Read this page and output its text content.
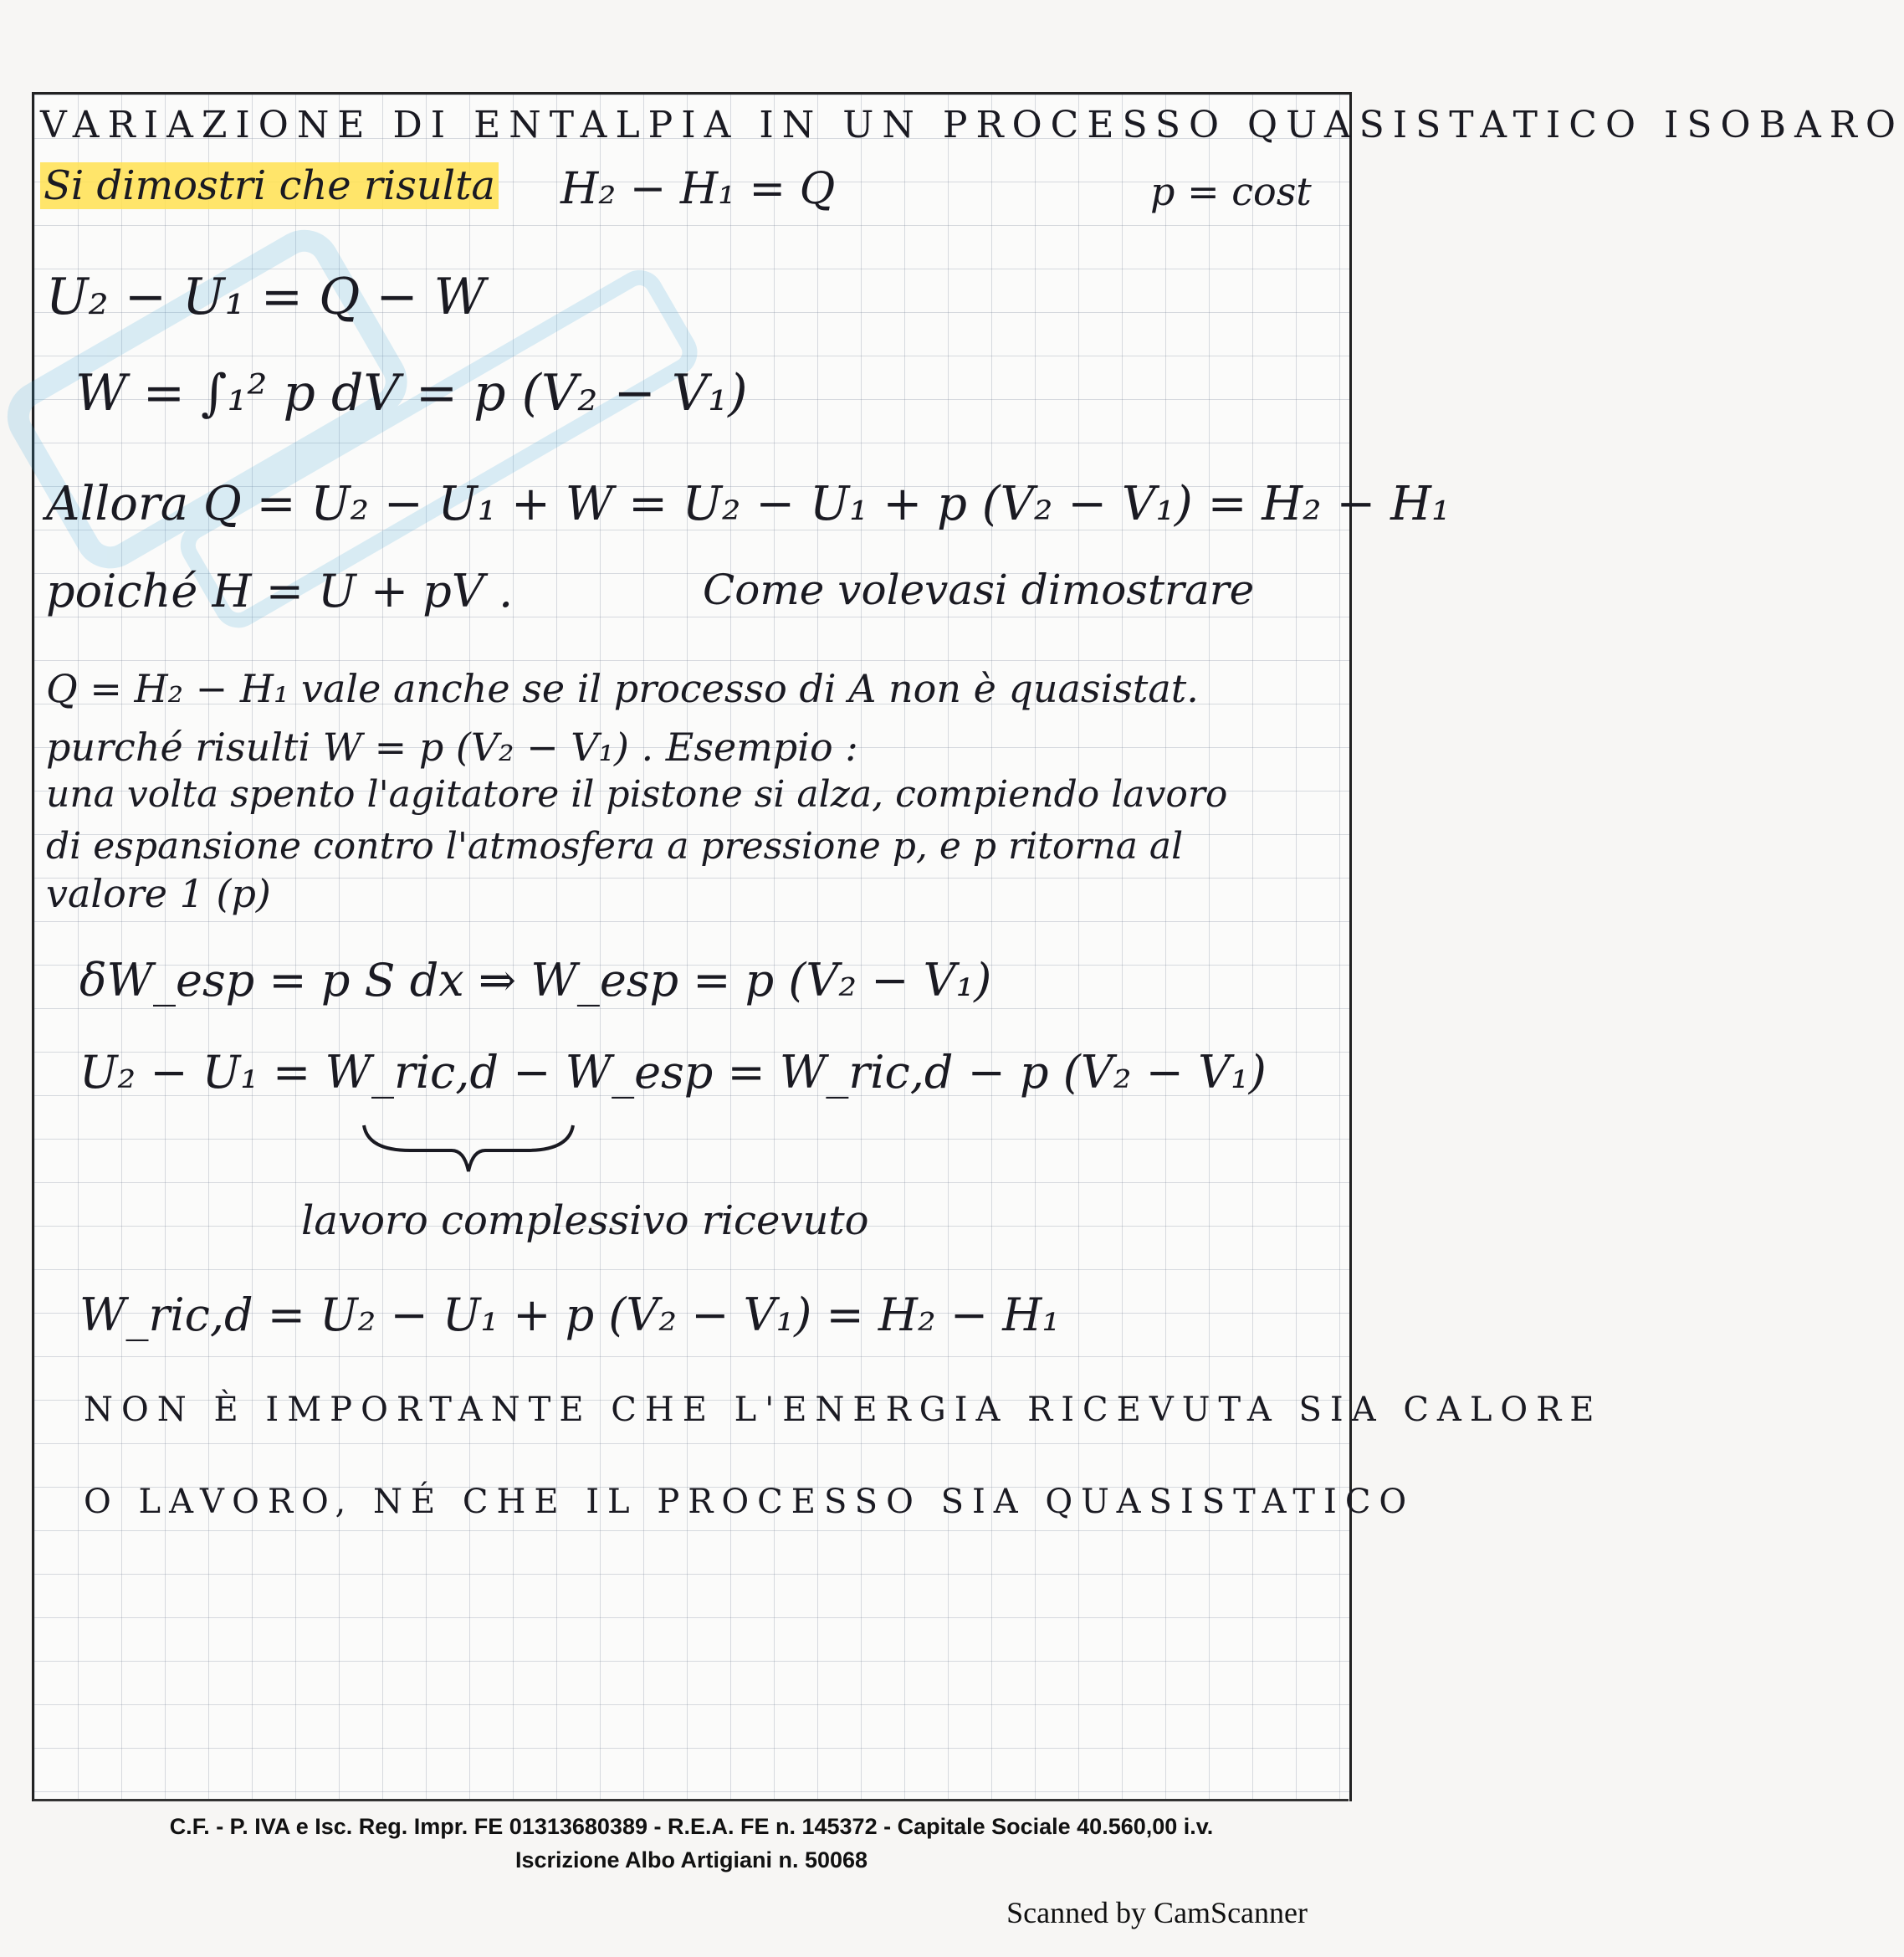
VARIAZIONE DI ENTALPIA IN UN PROCESSO QUASISTATICO ISOBARO
Si dimostri che risulta H₂ − H₁ = Q	p = cost
U₂ − U₁ = Q − W
W = ∫₁² p dV = p (V₂ − V₁)
Allora Q = U₂ − U₁ + W = U₂ − U₁ + p (V₂ − V₁) = H₂ − H₁
poiché H = U + pV .	Come volevasi dimostrare
Q = H₂ − H₁ vale anche se il processo di A non è quasistat.
purché risulti W = p (V₂ − V₁) . Esempio :
una volta spento l'agitatore il pistone si alza, compiendo lavoro
di espansione contro l'atmosfera a pressione p, e p ritorna al
valore 1 (p)
δW_esp = p S dx ⇒ W_esp = p (V₂ − V₁)
U₂ − U₁ = W_ric,d − W_esp = W_ric,d − p (V₂ − V₁)
lavoro complessivo ricevuto
W_ric,d = U₂ − U₁ + p (V₂ − V₁) = H₂ − H₁
NON È IMPORTANTE CHE L'ENERGIA RICEVUTA SIA CALORE
O LAVORO, NÉ CHE IL PROCESSO SIA QUASISTATICO
C.F. - P. IVA e Isc. Reg. Impr. FE 01313680389 - R.E.A. FE n. 145372 - Capitale Sociale 40.560,00 i.v.
Iscrizione Albo Artigiani n. 50068
Scanned by CamScanner
